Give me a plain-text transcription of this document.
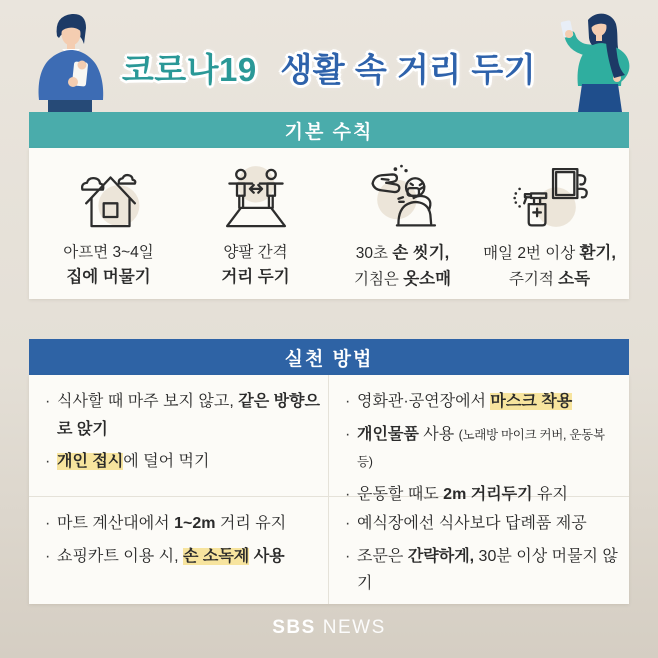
코로나19 생활 속 거리 두기
기본 수칙

아프면 3~4일
집에 머물기

양팔 간격
거리 두기

30초 손 씻기,
기침은 옷소매

매일 2번 이상 환기,
주기적 소독

실천 방법
· 식사할 때 마주 보지 않고, 같은 방향으로 앉기
· 개인 접시에 덜어 먹기
· 영화관·공연장에서 마스크 착용
· 개인물품 사용 (노래방 마이크 커버, 운동복 등)
· 운동할 때도 2m 거리두기 유지
· 마트 계산대에서 1~2m 거리 유지
· 쇼핑카트 이용 시, 손 소독제 사용
· 예식장에선 식사보다 답례품 제공
· 조문은 간략하게, 30분 이상 머물지 않기
SBS NEWS
